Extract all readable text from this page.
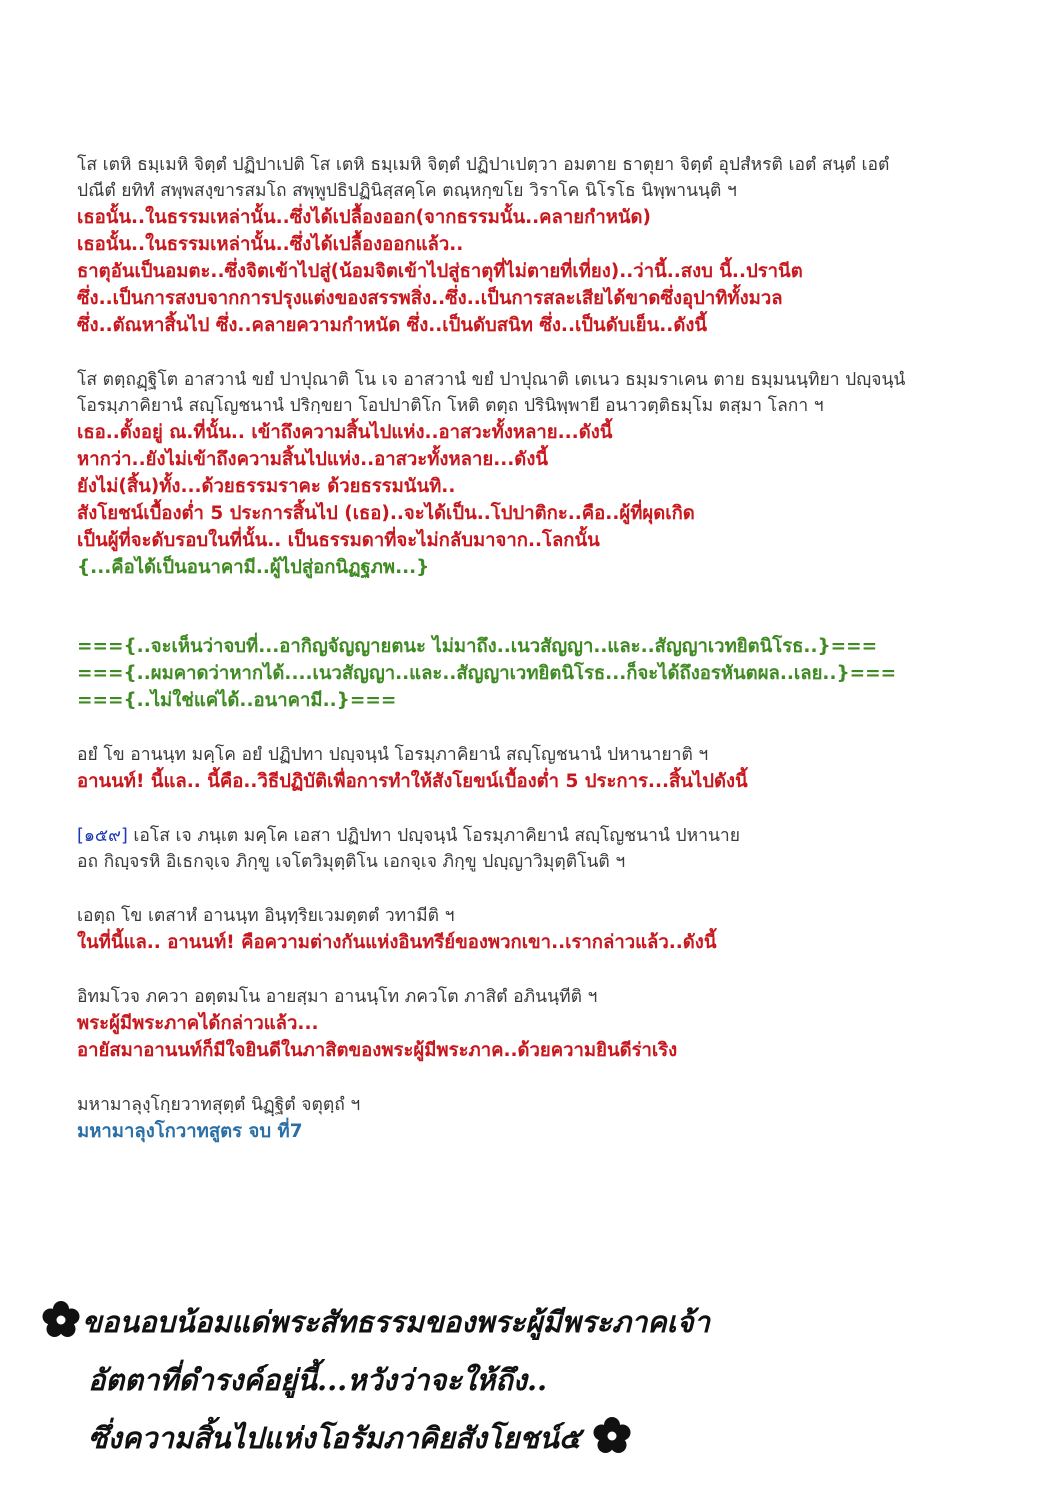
โส เตหิ ธมฺเมหิ จิตฺตํ ปฏิปาเปติ โส เตหิ ธมฺเมหิ จิตฺตํ ปฏิปาเปตฺวา อมตาย ธาตุยา จิตฺตํ อุปสํหรติ เอตํ สนฺตํ เอตํ
ปณีตํ ยทิทํ สพฺพสงฺขารสมโถ สพฺพูปธิปฏินิสฺสคฺโค ตณฺหกฺขโย วิราโค นิโรโธ นิพฺพานนฺติ ฯ
เธอนั้น..ในธรรมเหล่านั้น..ซึ่งได้เปลื้องออก(จากธรรมนั้น..คลายกำหนัด)
เธอนั้น..ในธรรมเหล่านั้น..ซึ่งได้เปลื้องออกแล้ว..
ธาตุอันเป็นอมตะ..ซึ่งจิตเข้าไปสู่(น้อมจิตเข้าไปสู่ธาตุที่ไม่ตายที่เที่ยง)..ว่านี้..สงบ นี้..ปรานีต
ซึ่ง..เป็นการสงบจากการปรุงแต่งของสรรพสิ่ง..ซึ่ง..เป็นการสละเสียได้ขาดซึ่งอุปาทิทั้งมวล
ซึ่ง..ตัณหาสิ้นไป ซึ่ง..คลายความกำหนัด ซึ่ง..เป็นดับสนิท ซึ่ง..เป็นดับเย็น..ดังนี้
โส ตตฺถฏฺฐิโต อาสวานํ ขยํ ปาปุณาติ โน เจ อาสวานํ ขยํ ปาปุณาติ เตเนว ธมฺมราเคน ตาย ธมฺมนนฺทิยา ปญฺจนฺนํ
โอรมฺภาคิยานํ สญฺโญชนานํ ปริกฺขยา โอปปาติโก โหติ ตตฺถ ปรินิพฺพายี อนาวตฺติธมฺโม ตสฺมา โลกา ฯ
เธอ..ตั้งอยู่ ณ.ที่นั้น.. เข้าถึงความสิ้นไปแห่ง..อาสวะทั้งหลาย...ดังนี้
หากว่า..ยังไม่เข้าถึงความสิ้นไปแห่ง..อาสวะทั้งหลาย...ดังนี้
ยังไม่(สิ้น)ทั้ง...ด้วยธรรมราคะ ด้วยธรรมนันทิ..
สังโยชน์เบื้องต่ำ 5 ประการสิ้นไป (เธอ)..จะได้เป็น..โปปาติกะ..คือ..ผู้ที่ผุดเกิด
เป็นผู้ที่จะดับรอบในที่นั้น.. เป็นธรรมดาที่จะไม่กลับมาจาก..โลกนั้น
{...คือได้เป็นอนาคามี..ผู้ไปสู่อกนิฏฐภพ...}
==={..จะเห็นว่าจบที่...อากิญจัญญายตนะ ไม่มาถึง..เนวสัญญา..และ..สัญญาเวทยิตนิโรธ..}===
==={..ผมคาดว่าหากได้....เนวสัญญา..และ..สัญญาเวทยิตนิโรธ...ก็จะได้ถึงอรหันตผล..เลย..}===
==={..ไม่ใช่แค่ได้..อนาคามี..}===
อยํ โข อานนฺท มคฺโค อยํ ปฏิปทา ปญฺจนฺนํ โอรมฺภาคิยานํ สญฺโญชนานํ ปหานายาติ ฯ
อานนท์! นี้แล.. นี้คือ..วิธีปฏิบัติเพื่อการทำให้สังโยขน์เบื้องต่ำ 5 ประการ...สิ้นไปดังนี้
[๑๕๙] เอโส เจ ภนฺเต มคฺโค เอสา ปฏิปทา ปญฺจนฺนํ โอรมฺภาคิยานํ สญฺโญชนานํ ปหานาย
อถ กิญฺจรหิ อิเธกจฺเจ ภิกฺขู เจโตวิมุตฺติโน เอกจฺเจ ภิกฺขู ปญฺญาวิมุตฺติโนติ ฯ
เอตฺถ โข เตสาหํ อานนฺท อินฺทฺริยเวมตฺตตํ วทามีติ ฯ
ในที่นี้แล.. อานนท์! คือความต่างกันแห่งอินทรีย์ของพวกเขา..เรากล่าวแล้ว..ดังนี้
อิทมโวจ ภควา อตฺตมโน อายสฺมา อานนฺโท ภควโต ภาสิตํ อภินนฺทีติ ฯ
พระผู้มีพระภาคได้กล่าวแล้ว...
อายัสมาอานนท์ก็มีใจยินดีในภาสิตของพระผู้มีพระภาค..ด้วยความยินดีร่าเริง
มหามาลุงฺโกฺยวาทสุตฺตํ นิฏฺฐิตํ จตุตฺถํ ฯ
มหามาลุงโกวาทสูตร จบ ที่7
ขอนอบน้อมแด่พระสัทธรรมของพระผู้มีพระภาคเจ้า
อัตตาที่ดำรงค์อยู่นี้...หวังว่าจะให้ถึง..
ซึ่งความสิ้นไปแห่งโอรัมภาคิยสังโยชน์๕
